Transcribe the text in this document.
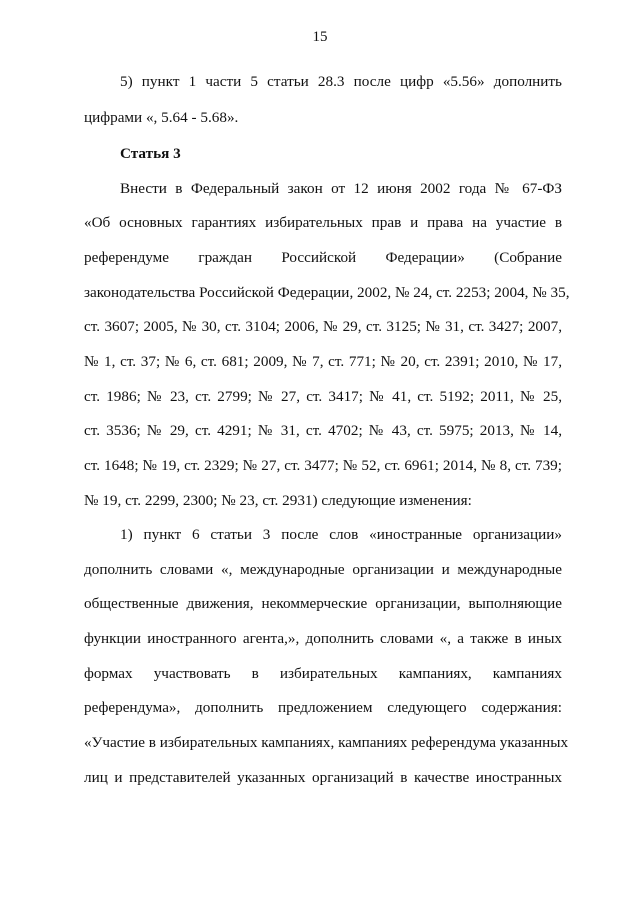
15
5) пункт 1 части 5 статьи 28.3 после цифр «5.56» дополнить
цифрами «, 5.64 - 5.68».
Статья 3
Внести в Федеральный закон от 12 июня 2002 года № 67-ФЗ
«Об основных гарантиях избирательных прав и права на участие в
референдуме граждан Российской Федерации» (Собрание
законодательства Российской Федерации, 2002, № 24, ст. 2253; 2004, № 35,
ст. 3607; 2005, № 30, ст. 3104; 2006, № 29, ст. 3125; № 31, ст. 3427; 2007,
№ 1, ст. 37; № 6, ст. 681; 2009, № 7, ст. 771; № 20, ст. 2391; 2010, № 17,
ст. 1986; № 23, ст. 2799; № 27, ст. 3417; № 41, ст. 5192; 2011, № 25,
ст. 3536; № 29, ст. 4291; № 31, ст. 4702; № 43, ст. 5975; 2013, № 14,
ст. 1648; № 19, ст. 2329; № 27, ст. 3477; № 52, ст. 6961; 2014, № 8, ст. 739;
№ 19, ст. 2299, 2300; № 23, ст. 2931) следующие изменения:
1) пункт 6 статьи 3 после слов «иностранные организации»
дополнить словами «, международные организации и международные
общественные движения, некоммерческие организации, выполняющие
функции иностранного агента,», дополнить словами «, а также в иных
формах участвовать в избирательных кампаниях, кампаниях
референдума», дополнить предложением следующего содержания:
«Участие в избирательных кампаниях, кампаниях референдума указанных
лиц и представителей указанных организаций в качестве иностранных
